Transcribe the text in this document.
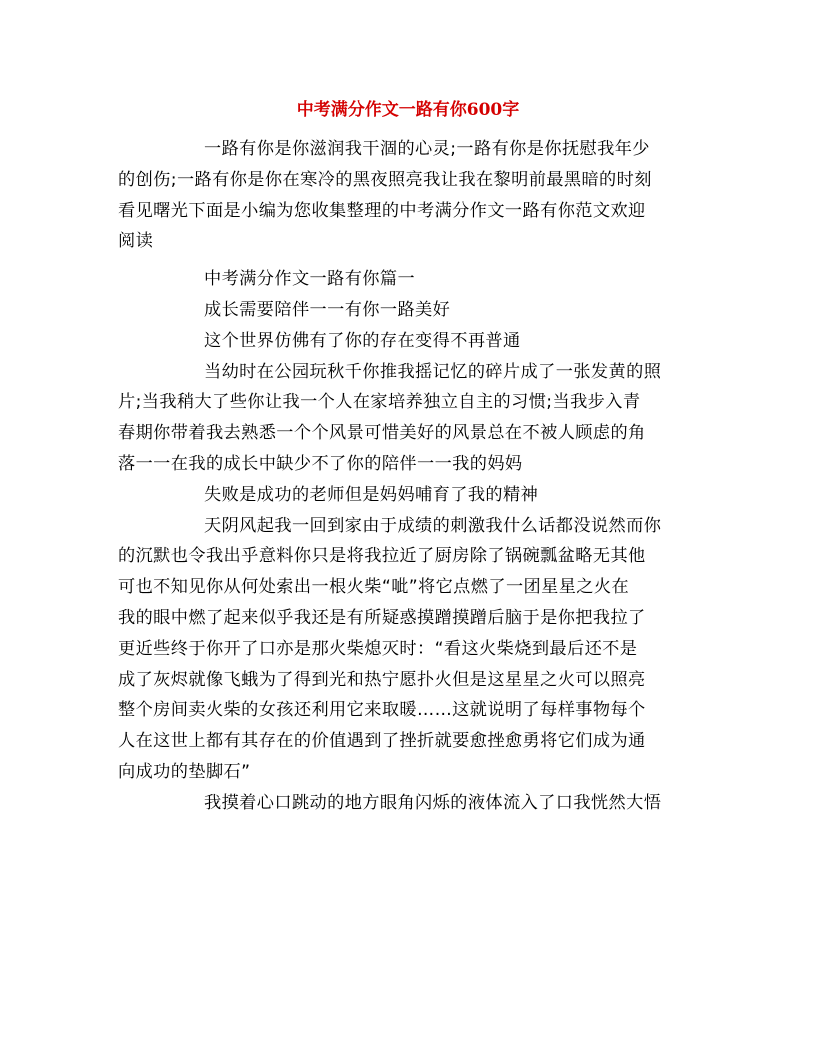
中考满分作文一路有你600字
一路有你是你滋润我干涸的心灵;一路有你是你抚慰我年少
的创伤;一路有你是你在寒冷的黑夜照亮我让我在黎明前最黑暗的时刻
看见曙光下面是小编为您收集整理的中考满分作文一路有你范文欢迎
阅读
中考满分作文一路有你篇一
成长需要陪伴一一有你一路美好
这个世界仿佛有了你的存在变得不再普通
当幼时在公园玩秋千你推我摇记忆的碎片成了一张发黄的照
片;当我稍大了些你让我一个人在家培养独立自主的习惯;当我步入青
春期你带着我去熟悉一个个风景可惜美好的风景总在不被人顾虑的角
落一一在我的成长中缺少不了你的陪伴一一我的妈妈
失败是成功的老师但是妈妈哺育了我的精神
天阴风起我一回到家由于成绩的刺激我什么话都没说然而你
的沉默也令我出乎意料你只是将我拉近了厨房除了锅碗瓢盆略无其他
可也不知见你从何处索出一根火柴“呲”将它点燃了一团星星之火在
我的眼中燃了起来似乎我还是有所疑惑摸蹭摸蹭后脑于是你把我拉了
更近些终于你开了口亦是那火柴熄灭时：“看这火柴烧到最后还不是
成了灰烬就像飞蛾为了得到光和热宁愿扑火但是这星星之火可以照亮
整个房间卖火柴的女孩还利用它来取暖……这就说明了每样事物每个
人在这世上都有其存在的价值遇到了挫折就要愈挫愈勇将它们成为通
向成功的垫脚石”
我摸着心口跳动的地方眼角闪烁的液体流入了口我恍然大悟
